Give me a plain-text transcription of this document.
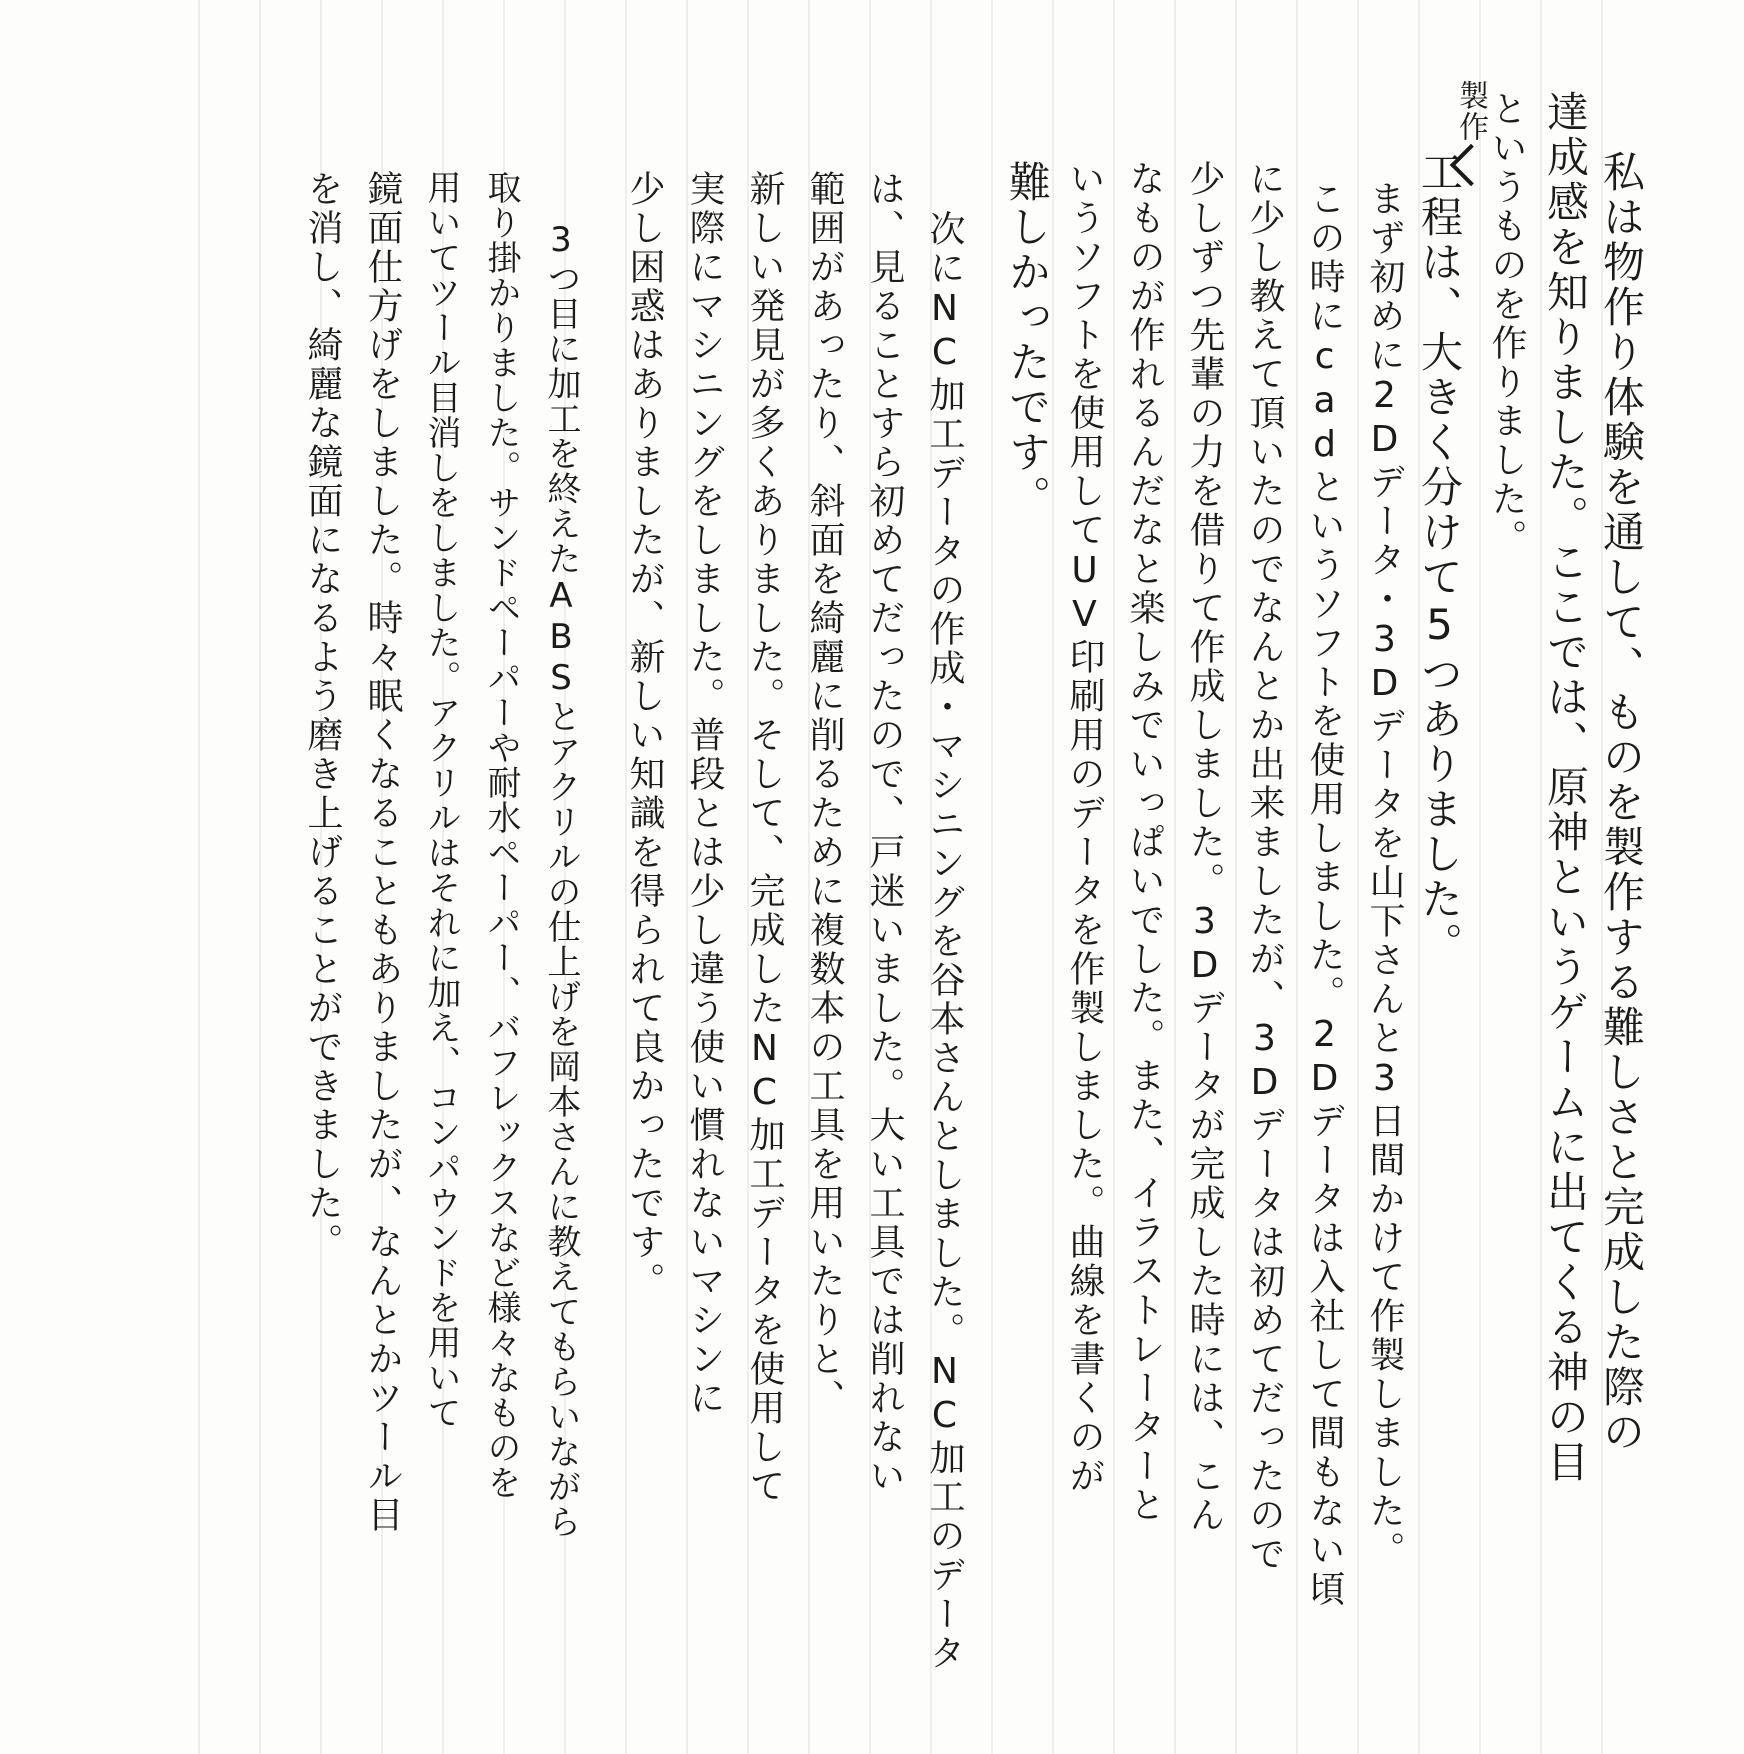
私は物作り体験を通して、ものを製作する難しさと完成した際の
達成感を知りました。ここでは、原神というゲームに出てくる神の目
というものを作りました。
製作
工程は、大きく分けて5つありました。
まず初めに2Dデータ・3Dデータを山下さんと3日間かけて作製しました。
この時にcadというソフトを使用しました。2Dデータは入社して間もない頃
に少し教えて頂いたのでなんとか出来ましたが、3Dデータは初めてだったので
少しずつ先輩の力を借りて作成しました。3Dデータが完成した時には、こん
なものが作れるんだなと楽しみでいっぱいでした。また、イラストレーターと
いうソフトを使用してUV印刷用のデータを作製しました。曲線を書くのが
難しかったです。
次にNC加工データの作成・マシニングを谷本さんとしました。NC加工のデータ
は、見ることすら初めてだったので、戸迷いました。大い工具では削れない
範囲があったり、斜面を綺麗に削るために複数本の工具を用いたりと、
新しい発見が多くありました。そして、完成したNC加工データを使用して
実際にマシニングをしました。普段とは少し違う使い慣れないマシンに
少し困惑はありましたが、新しい知識を得られて良かったです。
3つ目に加工を終えたABSとアクリルの仕上げを岡本さんに教えてもらいながら
取り掛かりました。サンドペーパーや耐水ペーパー、バフレックスなど様々なものを
用いてツール目消しをしました。アクリルはそれに加え、コンパウンドを用いて
鏡面仕方げをしました。時々眠くなることもありましたが、なんとかツール目
を消し、綺麗な鏡面になるよう磨き上げることができました。
